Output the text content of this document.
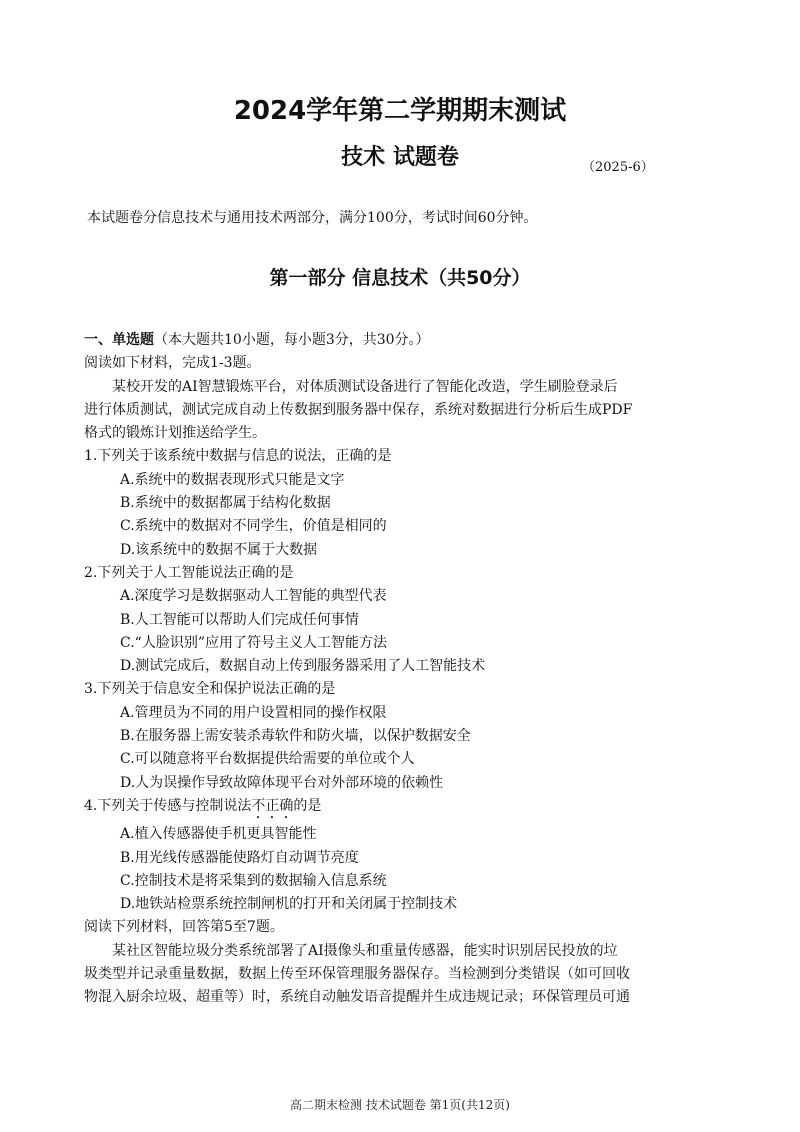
2024学年第二学期期末测试
技术 试题卷	（2025-6）
本试题卷分信息技术与通用技术两部分，满分100分，考试时间60分钟。
第一部分 信息技术（共50分）
一、单选题（本大题共10小题，每小题3分，共30分。）
阅读如下材料，完成1-3题。
某校开发的AI智慧锻炼平台，对体质测试设备进行了智能化改造，学生刷脸登录后
进行体质测试，测试完成自动上传数据到服务器中保存，系统对数据进行分析后生成PDF
格式的锻炼计划推送给学生。
1.下列关于该系统中数据与信息的说法，正确的是
A.系统中的数据表现形式只能是文字
B.系统中的数据都属于结构化数据
C.系统中的数据对不同学生，价值是相同的
D.该系统中的数据不属于大数据
2.下列关于人工智能说法正确的是
A.深度学习是数据驱动人工智能的典型代表
B.人工智能可以帮助人们完成任何事情
C.“人脸识别”应用了符号主义人工智能方法
D.测试完成后，数据自动上传到服务器采用了人工智能技术
3.下列关于信息安全和保护说法正确的是
A.管理员为不同的用户设置相同的操作权限
B.在服务器上需安装杀毒软件和防火墙，以保护数据安全
C.可以随意将平台数据提供给需要的单位或个人
D.人为误操作导致故障体现平台对外部环境的依赖性
4.下列关于传感与控制说法不正确的是
A.植入传感器使手机更具智能性
B.用光线传感器能使路灯自动调节亮度
C.控制技术是将采集到的数据输入信息系统
D.地铁站检票系统控制闸机的打开和关闭属于控制技术
阅读下列材料，回答第5至7题。
某社区智能垃圾分类系统部署了AI摄像头和重量传感器，能实时识别居民投放的垃
圾类型并记录重量数据，数据上传至环保管理服务器保存。当检测到分类错误（如可回收
物混入厨余垃圾、超重等）时，系统自动触发语音提醒并生成违规记录；环保管理员可通
高二期末检测 技术试题卷 第1页(共12页)
